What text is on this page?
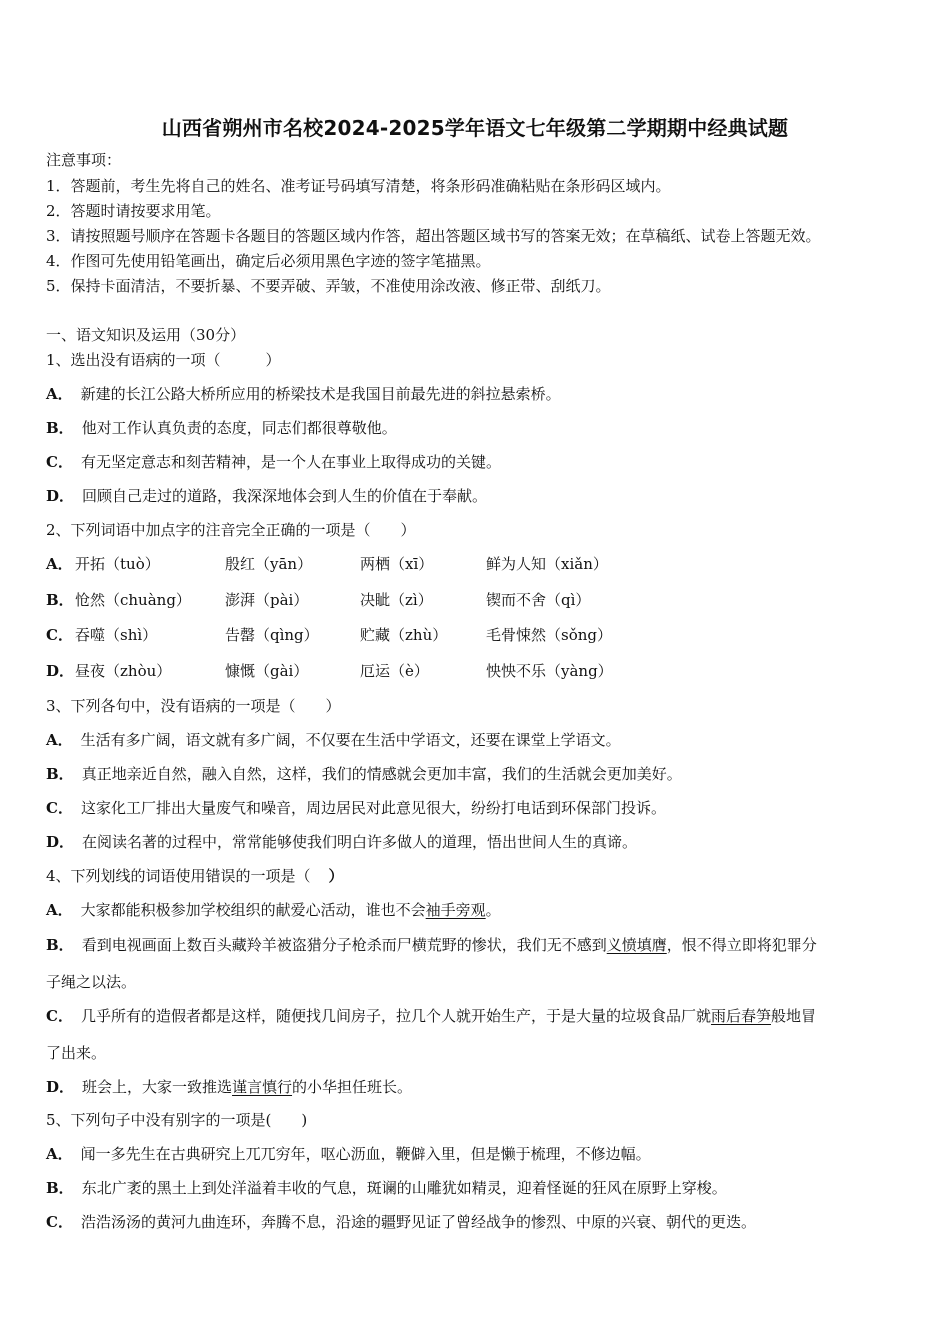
山西省朔州市名校2024-2025学年语文七年级第二学期期中经典试题
注意事项：
1．答题前，考生先将自己的姓名、准考证号码填写清楚，将条形码准确粘贴在条形码区域内。
2．答题时请按要求用笔。
3．请按照题号顺序在答题卡各题目的答题区域内作答，超出答题区域书写的答案无效；在草稿纸、试卷上答题无效。
4．作图可先使用铅笔画出，确定后必须用黑色字迹的签字笔描黑。
5．保持卡面清洁，不要折暴、不要弄破、弄皱，不准使用涂改液、修正带、刮纸刀。
一、语文知识及运用（30分）
1、选出没有语病的一项（　　　）
A． 新建的长江公路大桥所应用的桥梁技术是我国目前最先进的斜拉悬索桥。
B． 他对工作认真负责的态度，同志们都很尊敬他。
C． 有无坚定意志和刻苦精神，是一个人在事业上取得成功的关键。
D． 回顾自己走过的道路，我深深地体会到人生的价值在于奉献。
2、下列词语中加点字的注音完全正确的一项是（　　）
A． 开拓（tuò）	殷红（yān）	两栖（xī）	鲜为人知（xiǎn）
B． 怆然（chuàng） 澎湃（pài）	决眦（zì）	锲而不舍（qì）
C． 吞噬（shì）	告罄（qìng）	贮藏（zhù）	毛骨悚然（sǒng）
D． 昼夜（zhòu）	慷慨（gài）	厄运（è）	怏怏不乐（yàng）
3、下列各句中，没有语病的一项是（　　）
A． 生活有多广阔，语文就有多广阔，不仅要在生活中学语文，还要在课堂上学语文。
B． 真正地亲近自然，融入自然，这样，我们的情感就会更加丰富，我们的生活就会更加美好。
C． 这家化工厂排出大量废气和噪音，周边居民对此意见很大，纷纷打电话到环保部门投诉。
D． 在阅读名著的过程中，常常能够使我们明白许多做人的道理，悟出世间人生的真谛。
4、下列划线的词语使用错误的一项是（ ）
A． 大家都能积极参加学校组织的献爱心活动，谁也不会袖手旁观。
B． 看到电视画面上数百头藏羚羊被盗猎分子枪杀而尸横荒野的惨状，我们无不感到义愤填膺，恨不得立即将犯罪分
子绳之以法。
C． 几乎所有的造假者都是这样，随便找几间房子，拉几个人就开始生产，于是大量的垃圾食品厂就雨后春笋般地冒
了出来。
D． 班会上，大家一致推选谨言慎行的小华担任班长。
5、下列句子中没有别字的一项是(　　)
A． 闻一多先生在古典研究上兀兀穷年，呕心沥血，鞭僻入里，但是懒于梳理，不修边幅。
B． 东北广袤的黑土上到处洋溢着丰收的气息，斑谰的山雕犹如精灵，迎着怪诞的狂风在原野上穿梭。
C． 浩浩汤汤的黄河九曲连环，奔腾不息，沿途的疆野见证了曾经战争的惨烈、中原的兴衰、朝代的更迭。
